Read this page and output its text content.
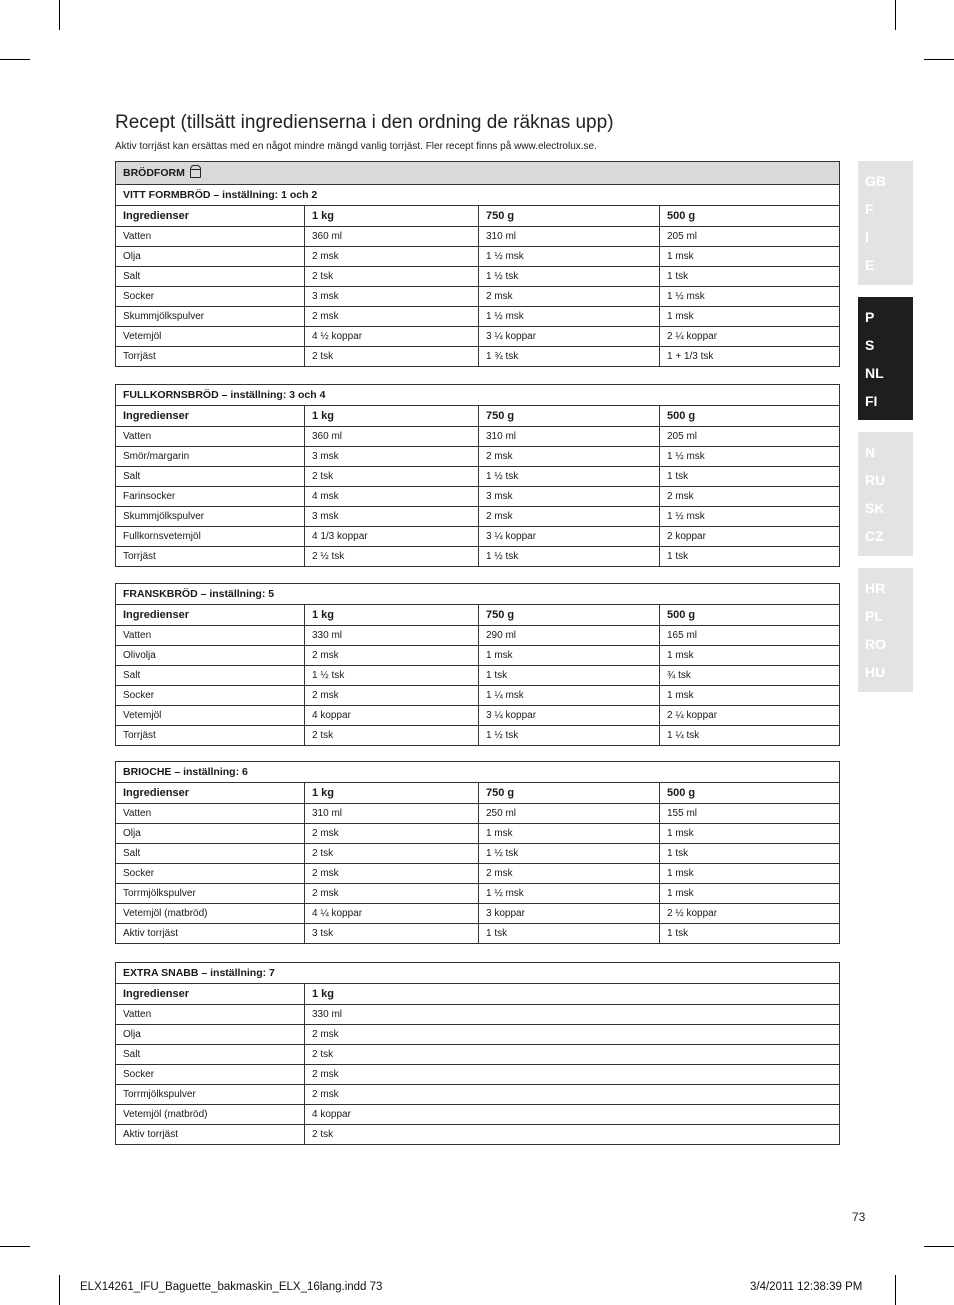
Recept (tillsätt ingredienserna i den ordning de räknas upp)
Aktiv torrjäst kan ersättas med en något mindre mängd vanlig torrjäst. Fler recept finns på www.electrolux.se.
BRÖDFORM			
VITT FORMBRÖD – inställning: 1 och 2			
Ingredienser	1 kg	750 g	500 g
Vatten	360 ml	310 ml	205 ml
Olja	2 msk	1 ½ msk	1 msk
Salt	2 tsk	1 ½ tsk	1 tsk
Socker	3 msk	2 msk	1 ½ msk
Skummjölkspulver	2 msk	1 ½ msk	1 msk
Vetemjöl	4 ½ koppar	3 ¼ koppar	2 ¼ koppar
Torrjäst	2 tsk	1 ¾ tsk	1 + 1/3 tsk
FULLKORNSBRÖD – inställning: 3 och 4			
Ingredienser	1 kg	750 g	500 g
Vatten	360 ml	310 ml	205 ml
Smör/margarin	3 msk	2 msk	1 ½ msk
Salt	2 tsk	1 ½ tsk	1 tsk
Farinsocker	4 msk	3 msk	2 msk
Skummjölkspulver	3 msk	2 msk	1 ½ msk
Fullkornsvetemjöl	4 1/3 koppar	3 ¼ koppar	2 koppar
Torrjäst	2 ½ tsk	1 ½ tsk	1 tsk
FRANSKBRÖD – inställning: 5			
Ingredienser	1 kg	750 g	500 g
Vatten	330 ml	290 ml	165 ml
Olivolja	2 msk	1 msk	1 msk
Salt	1 ½ tsk	1 tsk	¾ tsk
Socker	2 msk	1 ¼ msk	1 msk
Vetemjöl	4 koppar	3 ¼ koppar	2 ¼ koppar
Torrjäst	2 tsk	1 ½ tsk	1 ¼ tsk
BRIOCHE – inställning: 6			
Ingredienser	1 kg	750 g	500 g
Vatten	310 ml	250 ml	155 ml
Olja	2 msk	1 msk	1 msk
Salt	2 tsk	1 ½ tsk	1 tsk
Socker	2 msk	2 msk	1 msk
Torrmjölkspulver	2 msk	1 ½ msk	1 msk
Vetemjöl (matbröd)	4 ¼ koppar	3 koppar	2 ½ koppar
Aktiv torrjäst	3 tsk	1 tsk	1 tsk
EXTRA SNABB – inställning: 7	
Ingredienser	1 kg
Vatten	330 ml
Olja	2 msk
Salt	2 tsk
Socker	2 msk
Torrmjölkspulver	2 msk
Vetemjöl (matbröd)	4 koppar
Aktiv torrjäst	2 tsk
GB
F
I
E
P
S
NL
FI
N
RU
SK
CZ
HR
PL
RO
HU
73
ELX14261_IFU_Baguette_bakmaskin_ELX_16lang.indd 73	3/4/2011 12:38:39 PM
